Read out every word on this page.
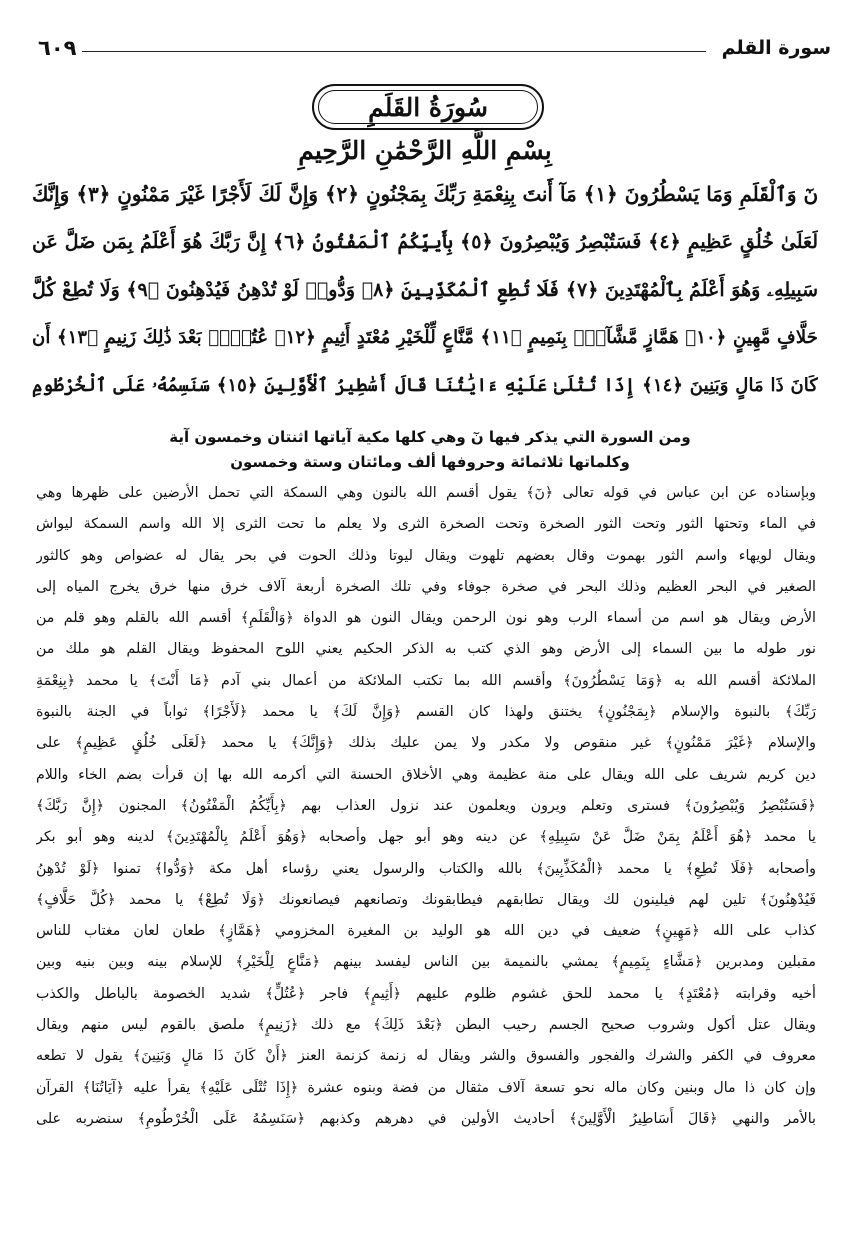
سورة القلم
٦٠٩
سُورَةُ القَلَمِ
بِسْمِ اللَّهِ الرَّحْمَٰنِ الرَّحِيمِ
نٓ وَٱلْقَلَمِ وَمَا يَسْطُرُونَ ﴿١﴾ مَآ أَنتَ بِنِعْمَةِ رَبِّكَ بِمَجْنُونٍ ﴿٢﴾ وَإِنَّ لَكَ لَأَجْرًا غَيْرَ مَمْنُونٍ ﴿٣﴾ وَإِنَّكَ
لَعَلَىٰ خُلُقٍ عَظِيمٍ ﴿٤﴾ فَسَتُبْصِرُ وَيُبْصِرُونَ ﴿٥﴾ بِأَييِّكُمُ ٱلْمَفْتُونُ ﴿٦﴾ إِنَّ رَبَّكَ هُوَ أَعْلَمُ بِمَن ضَلَّ عَن
سَبِيلِهِۦ وَهُوَ أَعْلَمُ بِٱلْمُهْتَدِينَ ﴿٧﴾ فَلَا تُطِعِ ٱلْمُكَذِّبِينَ ﴿٨﴾ وَدُّوا۟ لَوْ تُدْهِنُ فَيُدْهِنُونَ ﴿٩﴾ وَلَا تُطِعْ كُلَّ
حَلَّافٍ مَّهِينٍ ﴿١٠﴾ هَمَّازٍ مَّشَّآءٍۭ بِنَمِيمٍ ﴿١١﴾ مَّنَّاعٍ لِّلْخَيْرِ مُعْتَدٍ أَثِيمٍ ﴿١٢﴾ عُتُلٍّۭ بَعْدَ ذَٰلِكَ زَنِيمٍ ﴿١٣﴾ أَن
كَانَ ذَا مَالٍ وَبَنِينَ ﴿١٤﴾ إِذَا تُتْلَىٰ عَلَيْهِ ءَايَٰتُنَا قَالَ أَسَٰطِيرُ ٱلْأَوَّلِينَ ﴿١٥﴾ سَنَسِمُهُۥ عَلَى ٱلْخُرْطُومِ
ومن السورة التي يذكر فيها نٓ وهي كلها مكية آياتها اثنتان وخمسون آية
وكلماتها ثلاثمائة وحروفها ألف ومائتان وستة وخمسون
وبإسناده عن ابن عباس في قوله تعالى ﴿نٓ﴾ يقول أقسم الله بالنون وهي السمكة التي تحمل الأرضين على ظهرها وهي
في الماء وتحتها الثور وتحت الثور الصخرة وتحت الصخرة الثرى ولا يعلم ما تحت الثرى إلا الله واسم السمكة ليواش
ويقال لويهاء واسم الثور بهموت وقال بعضهم تلهوت ويقال ليوتا وذلك الحوت في بحر يقال له عضواص وهو كالثور
الصغير في البحر العظيم وذلك البحر في صخرة جوفاء وفي تلك الصخرة أربعة آلاف خرق منها خرق يخرج المياه إلى
الأرض ويقال هو اسم من أسماء الرب وهو نون الرحمن ويقال النون هو الدواة ﴿وَالْقَلَمِ﴾ أقسم الله بالقلم وهو قلم من
نور طوله ما بين السماء إلى الأرض وهو الذي كتب به الذكر الحكيم يعني اللوح المحفوظ ويقال القلم هو ملك من
الملائكة أقسم الله به ﴿وَمَا يَسْطُرُونَ﴾ وأقسم الله بما تكتب الملائكة من أعمال بني آدم ﴿مَا أَنْتَ﴾ يا محمد ﴿بِنِعْمَةِ
رَبِّكَ﴾ بالنبوة والإسلام ﴿بِمَجْنُونٍ﴾ يختنق ولهذا كان القسم ﴿وَإِنَّ لَكَ﴾ يا محمد ﴿لَأَجْرًا﴾ ثواباً في الجنة بالنبوة
والإسلام ﴿غَيْرَ مَمْنُونٍ﴾ غير منقوص ولا مكدر ولا يمن عليك بذلك ﴿وَإِنَّكَ﴾ يا محمد ﴿لَعَلَى خُلُقٍ عَظِيمٍ﴾ على
دين كريم شريف على الله ويقال على منة عظيمة وهي الأخلاق الحسنة التي أكرمه الله بها إن قرأت بضم الخاء واللام
﴿فَسَتُبْصِرُ وَيُبْصِرُونَ﴾ فسترى وتعلم ويرون ويعلمون عند نزول العذاب بهم ﴿بِأَيِّكُمُ الْمَفْتُونُ﴾ المجنون ﴿إِنَّ رَبَّكَ﴾
يا محمد ﴿هُوَ أَعْلَمُ بِمَنْ ضَلَّ عَنْ سَبِيلِهِ﴾ عن دينه وهو أبو جهل وأصحابه ﴿وَهُوَ أَعْلَمُ بِالْمُهْتَدِينَ﴾ لدينه وهو أبو بكر
وأصحابه ﴿فَلَا تُطِعِ﴾ يا محمد ﴿الْمُكَذِّبِينَ﴾ بالله والكتاب والرسول يعني رؤساء أهل مكة ﴿وَدُّوا﴾ تمنوا ﴿لَوْ تُدْهِنُ
فَيُدْهِنُونَ﴾ تلين لهم فيلينون لك ويقال تطابقهم فيطابقونك وتصانعهم فيصانعونك ﴿وَلَا تُطِعْ﴾ يا محمد ﴿كُلَّ حَلَّافٍ﴾
كذاب على الله ﴿مَهِينٍ﴾ ضعيف في دين الله هو الوليد بن المغيرة المخزومي ﴿هَمَّازٍ﴾ طعان لعان مغتاب للناس
مقبلين ومدبرين ﴿مَشَّاءٍ بِنَمِيمٍ﴾ يمشي بالنميمة بين الناس ليفسد بينهم ﴿مَنَّاعٍ لِلْخَيْرِ﴾ للإسلام بينه وبين بنيه وبين
أخيه وقرابته ﴿مُعْتَدٍ﴾ يا محمد للحق غشوم ظلوم عليهم ﴿أَثِيمٍ﴾ فاجر ﴿عُتُلٍّ﴾ شديد الخصومة بالباطل والكذب
ويقال عتل أكول وشروب صحيح الجسم رحيب البطن ﴿بَعْدَ ذَلِكَ﴾ مع ذلك ﴿زَنِيمٍ﴾ ملصق بالقوم ليس منهم ويقال
معروف في الكفر والشرك والفجور والفسوق والشر ويقال له زنمة كزنمة العنز ﴿أَنْ كَانَ ذَا مَالٍ وَبَنِينَ﴾ يقول لا تطعه
وإن كان ذا مال وبنين وكان ماله نحو تسعة آلاف مثقال من فضة وبنوه عشرة ﴿إِذَا تُتْلَى عَلَيْهِ﴾ يقرأ عليه ﴿آيَاتُنَا﴾ القرآن
بالأمر والنهي ﴿قَالَ أَسَاطِيرُ الْأَوَّلِينَ﴾ أحاديث الأولين في دهرهم وكذبهم ﴿سَنَسِمُهُ عَلَى الْخُرْطُومِ﴾ سنضربه على
